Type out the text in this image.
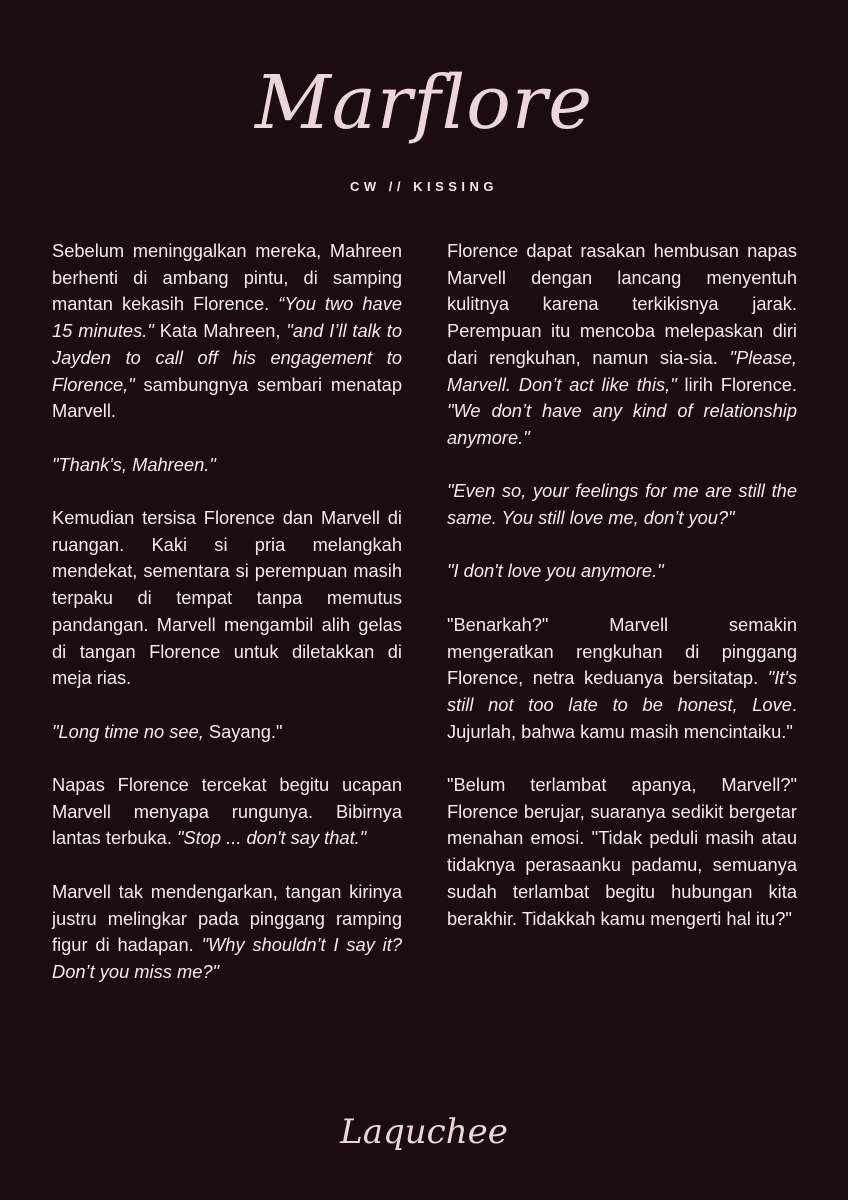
Marflore
CW // KISSING

Sebelum meninggalkan mereka, Mahreen berhenti di ambang pintu, di samping mantan kekasih Florence. “You two have 15 minutes." Kata Mahreen, "and I’ll talk to Jayden to call off his engagement to Florence," sambungnya sembari menatap Marvell.

"Thank's, Mahreen."

Kemudian tersisa Florence dan Marvell di ruangan. Kaki si pria melangkah mendekat, sementara si perempuan masih terpaku di tempat tanpa memutus pandangan. Marvell mengambil alih gelas di tangan Florence untuk diletakkan di meja rias.

"Long time no see, Sayang."

Napas Florence tercekat begitu ucapan Marvell menyapa rungunya. Bibirnya lantas terbuka. "Stop ... don't say that."

Marvell tak mendengarkan, tangan kirinya justru melingkar pada pinggang ramping figur di hadapan. "Why shouldn’t I say it? Don’t you miss me?"

Florence dapat rasakan hembusan napas Marvell dengan lancang menyentuh kulitnya karena terkikisnya jarak. Perempuan itu mencoba melepaskan diri dari rengkuhan, namun sia-sia. "Please, Marvell. Don’t act like this," lirih Florence. "We don’t have any kind of relationship anymore."

"Even so, your feelings for me are still the same. You still love me, don’t you?"

"I don't love you anymore."

"Benarkah?" Marvell semakin mengeratkan rengkuhan di pinggang Florence, netra keduanya bersitatap. "It's still not too late to be honest, Love. Jujurlah, bahwa kamu masih mencintaiku."

"Belum terlambat apanya, Marvell?" Florence berujar, suaranya sedikit bergetar menahan emosi. "Tidak peduli masih atau tidaknya perasaanku padamu, semuanya sudah terlambat begitu hubungan kita berakhir. Tidakkah kamu mengerti hal itu?"

Laquchee
